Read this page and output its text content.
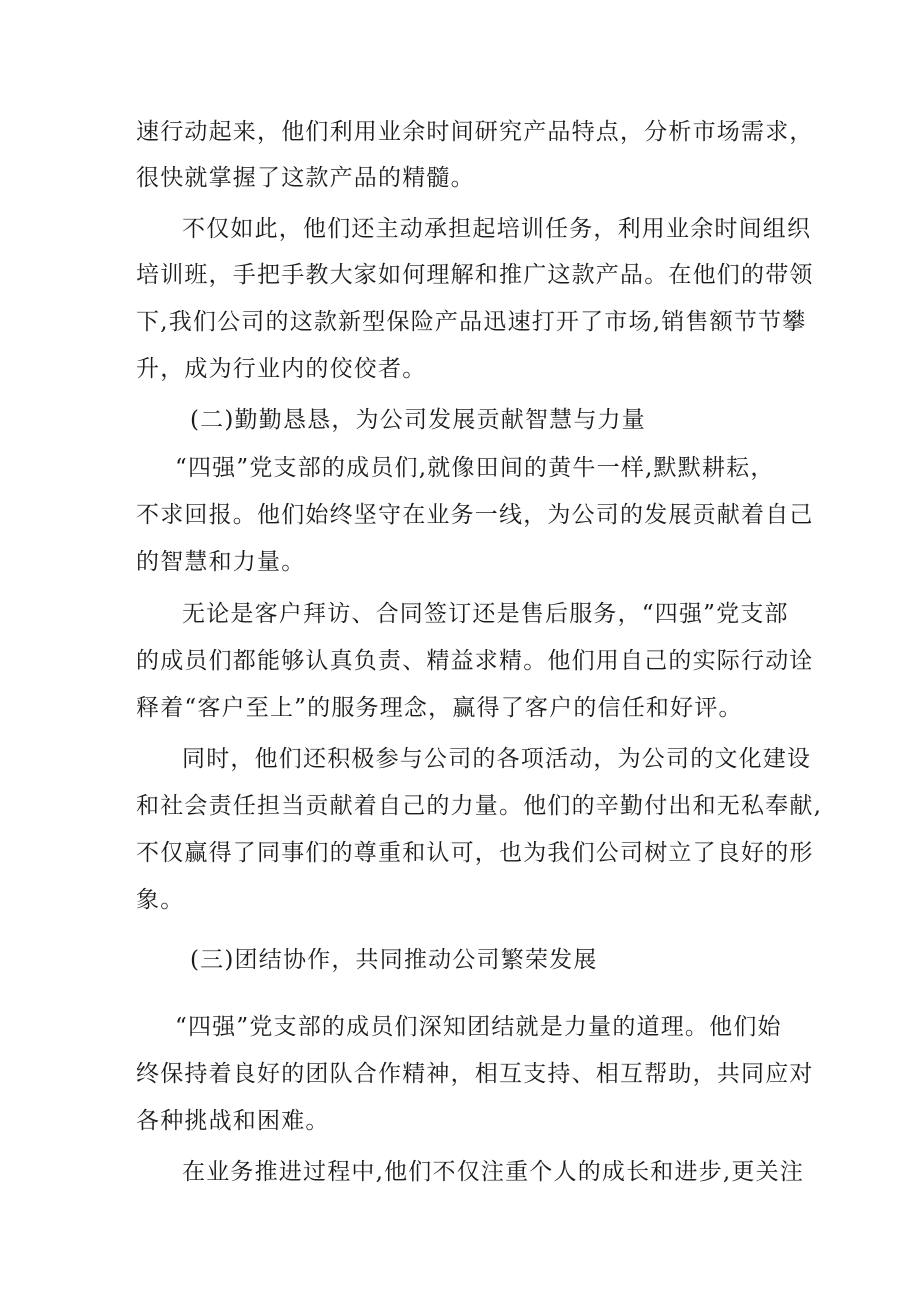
速行动起来，他们利用业余时间研究产品特点，分析市场需求，
很快就掌握了这款产品的精髓。
不仅如此，他们还主动承担起培训任务，利用业余时间组织
培训班，手把手教大家如何理解和推广这款产品。在他们的带领
下,我们公司的这款新型保险产品迅速打开了市场,销售额节节攀
升，成为行业内的佼佼者。
(二)勤勤恳恳，为公司发展贡献智慧与力量
“四强”党支部的成员们,就像田间的黄牛一样,默默耕耘，
不求回报。他们始终坚守在业务一线，为公司的发展贡献着自己
的智慧和力量。
无论是客户拜访、合同签订还是售后服务，“四强”党支部
的成员们都能够认真负责、精益求精。他们用自己的实际行动诠
释着“客户至上”的服务理念，赢得了客户的信任和好评。
同时，他们还积极参与公司的各项活动，为公司的文化建设
和社会责任担当贡献着自己的力量。他们的辛勤付出和无私奉献,
不仅赢得了同事们的尊重和认可，也为我们公司树立了良好的形
象。
(三)团结协作，共同推动公司繁荣发展
“四强”党支部的成员们深知团结就是力量的道理。他们始
终保持着良好的团队合作精神，相互支持、相互帮助，共同应对
各种挑战和困难。
在业务推进过程中,他们不仅注重个人的成长和进步,更关注
